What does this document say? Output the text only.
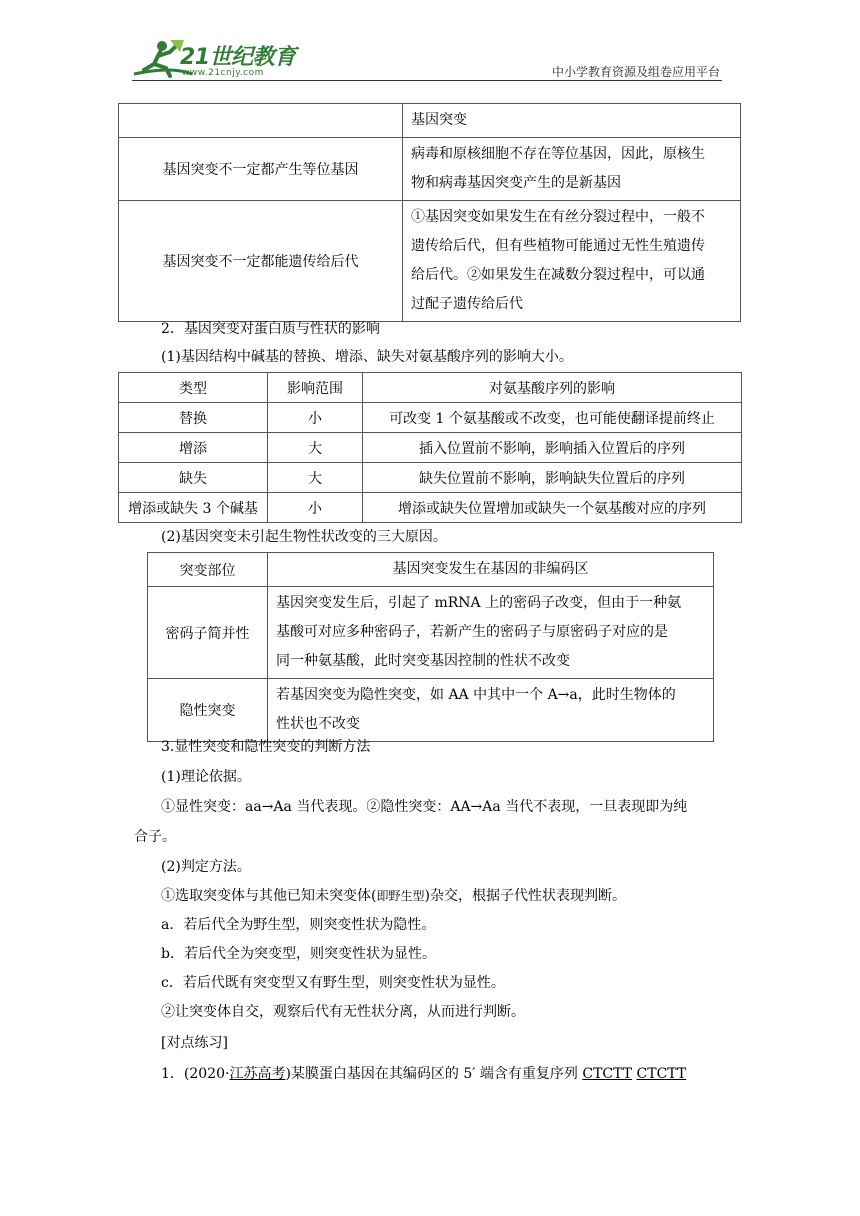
21世纪教育
www.21cnjy.com	中小学教育资源及组卷应用平台

	基因突变

基因突变不一定都产生等位基因	病毒和原核细胞不存在等位基因，因此，原核生
物和病毒基因突变产生的是新基因

基因突变不一定都能遗传给后代	①基因突变如果发生在有丝分裂过程中，一般不
遗传给后代，但有些植物可能通过无性生殖遗传
给后代。②如果发生在减数分裂过程中，可以通
过配子遗传给后代
2．基因突变对蛋白质与性状的影响
(1)基因结构中碱基的替换、增添、缺失对氨基酸序列的影响大小。
类型	影响范围	对氨基酸序列的影响
替换	小	可改变 1 个氨基酸或不改变，也可能使翻译提前终止
增添	大	插入位置前不影响，影响插入位置后的序列
缺失	大	缺失位置前不影响，影响缺失位置后的序列
增添或缺失 3 个碱基	小	增添或缺失位置增加或缺失一个氨基酸对应的序列
(2)基因突变未引起生物性状改变的三大原因。
突变部位	基因突变发生在基因的非编码区

密码子简并性	基因突变发生后，引起了 mRNA 上的密码子改变，但由于一种氨
基酸可对应多种密码子，若新产生的密码子与原密码子对应的是
同一种氨基酸，此时突变基因控制的性状不改变

隐性突变	若基因突变为隐性突变，如 AA 中其中一个 A→a，此时生物体的
性状也不改变
3.显性突变和隐性突变的判断方法
(1)理论依据。
①显性突变：aa→Aa 当代表现。②隐性突变：AA→Aa 当代不表现，一旦表现即为纯
合子。
(2)判定方法。
①选取突变体与其他已知未突变体(即野生型)杂交，根据子代性状表现判断。
a．若后代全为野生型，则突变性状为隐性。
b．若后代全为突变型，则突变性状为显性。
c．若后代既有突变型又有野生型，则突变性状为显性。
②让突变体自交，观察后代有无性状分离，从而进行判断。
[对点练习]
1．(2020·江苏高考)某膜蛋白基因在其编码区的 5′ 端含有重复序列 CTCTT CTCTT
